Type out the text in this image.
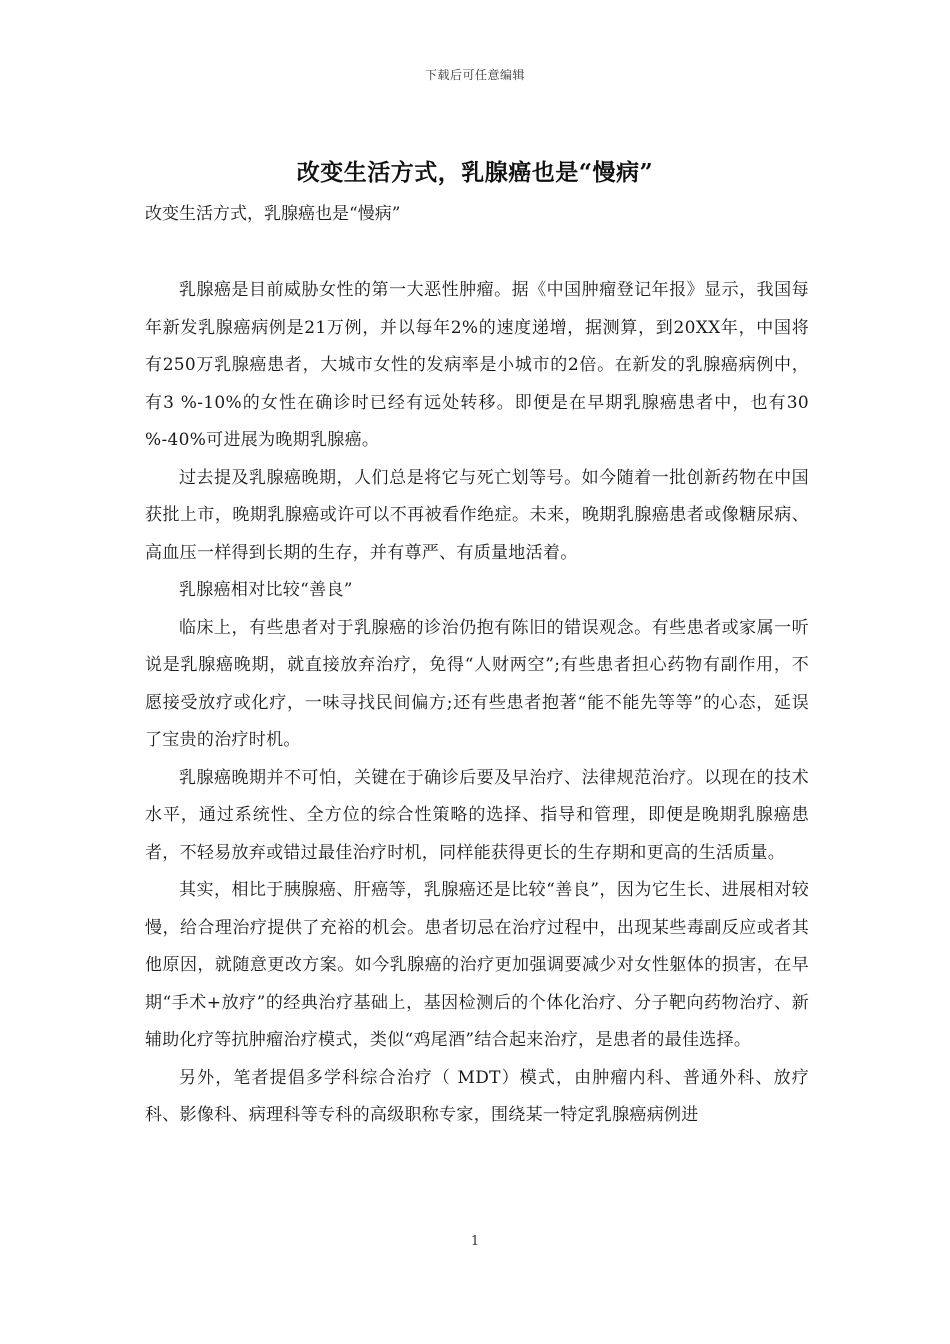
下载后可任意编辑
改变生活方式，乳腺癌也是“慢病”
改变生活方式，乳腺癌也是“慢病”

乳腺癌是目前威胁女性的第一大恶性肿瘤。据《中国肿瘤登记年报》显示，我国每年新发乳腺癌病例是21万例，并以每年2%的速度递增，据测算，到20XX年，中国将有250万乳腺癌患者，大城市女性的发病率是小城市的2倍。在新发的乳腺癌病例中，有3 %-10%的女性在确诊时已经有远处转移。即便是在早期乳腺癌患者中，也有30 %-40%可进展为晚期乳腺癌。

过去提及乳腺癌晚期，人们总是将它与死亡划等号。如今随着一批创新药物在中国获批上市，晚期乳腺癌或许可以不再被看作绝症。未来，晚期乳腺癌患者或像糖尿病、高血压一样得到长期的生存，并有尊严、有质量地活着。

乳腺癌相对比较“善良”

临床上，有些患者对于乳腺癌的诊治仍抱有陈旧的错误观念。有些患者或家属一听说是乳腺癌晚期，就直接放弃治疗，免得“人财两空”;有些患者担心药物有副作用，不愿接受放疗或化疗，一味寻找民间偏方;还有些患者抱著“能不能先等等”的心态，延误了宝贵的治疗时机。

乳腺癌晚期并不可怕，关键在于确诊后要及早治疗、法律规范治疗。以现在的技术水平，通过系统性、全方位的综合性策略的选择、指导和管理，即便是晚期乳腺癌患者，不轻易放弃或错过最佳治疗时机，同样能获得更长的生存期和更高的生活质量。

其实，相比于胰腺癌、肝癌等，乳腺癌还是比较“善良”，因为它生长、进展相对较慢，给合理治疗提供了充裕的机会。患者切忌在治疗过程中，出现某些毒副反应或者其他原因，就随意更改方案。如今乳腺癌的治疗更加强调要减少对女性躯体的损害，在早期“手术+放疗”的经典治疗基础上，基因检测后的个体化治疗、分子靶向药物治疗、新辅助化疗等抗肿瘤治疗模式，类似“鸡尾酒”结合起来治疗，是患者的最佳选择。

另外，笔者提倡多学科综合治疗（ MDT）模式，由肿瘤内科、普通外科、放疗科、影像科、病理科等专科的高级职称专家，围绕某一特定乳腺癌病例进

1
